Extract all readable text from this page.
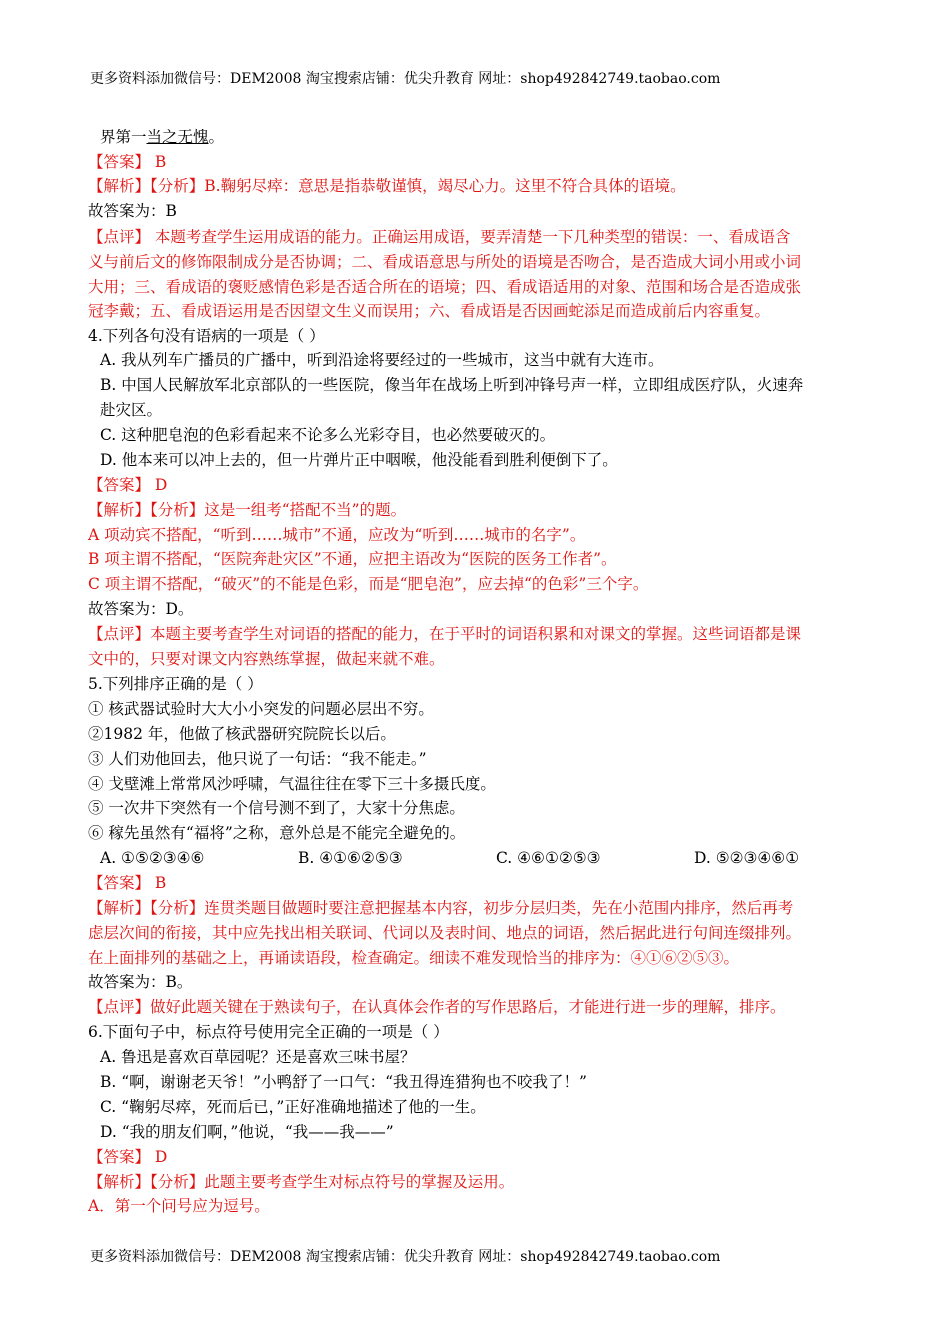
更多资料添加微信号：DEM2008 淘宝搜索店铺：优尖升教育 网址：shop492842749.taobao.com
界第一当之无愧。
【答案】 B
【解析】【分析】B.鞠躬尽瘁：意思是指恭敬谨慎，竭尽心力。这里不符合具体的语境。
故答案为：B
【点评】 本题考查学生运用成语的能力。正确运用成语，要弄清楚一下几种类型的错误：一、看成语含
义与前后文的修饰限制成分是否协调；二、看成语意思与所处的语境是否吻合，是否造成大词小用或小词
大用；三、看成语的褒贬感情色彩是否适合所在的语境；四、看成语适用的对象、范围和场合是否造成张
冠李戴；五、看成语运用是否因望文生义而误用；六、看成语是否因画蛇添足而造成前后内容重复。
4.下列各句没有语病的一项是（ ）
A. 我从列车广播员的广播中，听到沿途将要经过的一些城市，这当中就有大连市。
B. 中国人民解放军北京部队的一些医院，像当年在战场上听到冲锋号声一样，立即组成医疗队，火速奔
赴灾区。
C. 这种肥皂泡的色彩看起来不论多么光彩夺目，也必然要破灭的。
D. 他本来可以冲上去的，但一片弹片正中咽喉，他没能看到胜利便倒下了。
【答案】 D
【解析】【分析】这是一组考“搭配不当”的题。
A 项动宾不搭配，“听到……城市”不通，应改为“听到……城市的名字”。
B 项主谓不搭配，“医院奔赴灾区”不通，应把主语改为“医院的医务工作者”。
C 项主谓不搭配，“破灭”的不能是色彩，而是“肥皂泡”，应去掉“的色彩”三个字。
故答案为：D。
【点评】本题主要考查学生对词语的搭配的能力，在于平时的词语积累和对课文的掌握。这些词语都是课
文中的，只要对课文内容熟练掌握，做起来就不难。
5.下列排序正确的是（ ）
① 核武器试验时大大小小突发的问题必层出不穷。
②1982 年，他做了核武器研究院院长以后。
③ 人们劝他回去，他只说了一句话：“我不能走。”
④ 戈壁滩上常常风沙呼啸，气温往往在零下三十多摄氏度。
⑤ 一次井下突然有一个信号测不到了，大家十分焦虑。
⑥ 稼先虽然有“福将”之称，意外总是不能完全避免的。
A. ①⑤②③④⑥	B. ④①⑥②⑤③	C. ④⑥①②⑤③	D. ⑤②③④⑥①
【答案】 B
【解析】【分析】连贯类题目做题时要注意把握基本内容，初步分层归类，先在小范围内排序，然后再考
虑层次间的衔接，其中应先找出相关联词、代词以及表时间、地点的词语，然后据此进行句间连缀排列。
在上面排列的基础之上，再诵读语段，检查确定。细读不难发现恰当的排序为：④①⑥②⑤③。
故答案为：B。
【点评】做好此题关键在于熟读句子，在认真体会作者的写作思路后，才能进行进一步的理解，排序。
6.下面句子中，标点符号使用完全正确的一项是（ ）
A. 鲁迅是喜欢百草园呢？还是喜欢三味书屋？
B. “啊，谢谢老天爷！”小鸭舒了一口气：“我丑得连猎狗也不咬我了！”
C. “鞠躬尽瘁，死而后已，”正好准确地描述了他的一生。
D. “我的朋友们啊，”他说，“我——我——”
【答案】 D
【解析】【分析】此题主要考查学生对标点符号的掌握及运用。
A．第一个问号应为逗号。
更多资料添加微信号：DEM2008 淘宝搜索店铺：优尖升教育 网址：shop492842749.taobao.com
